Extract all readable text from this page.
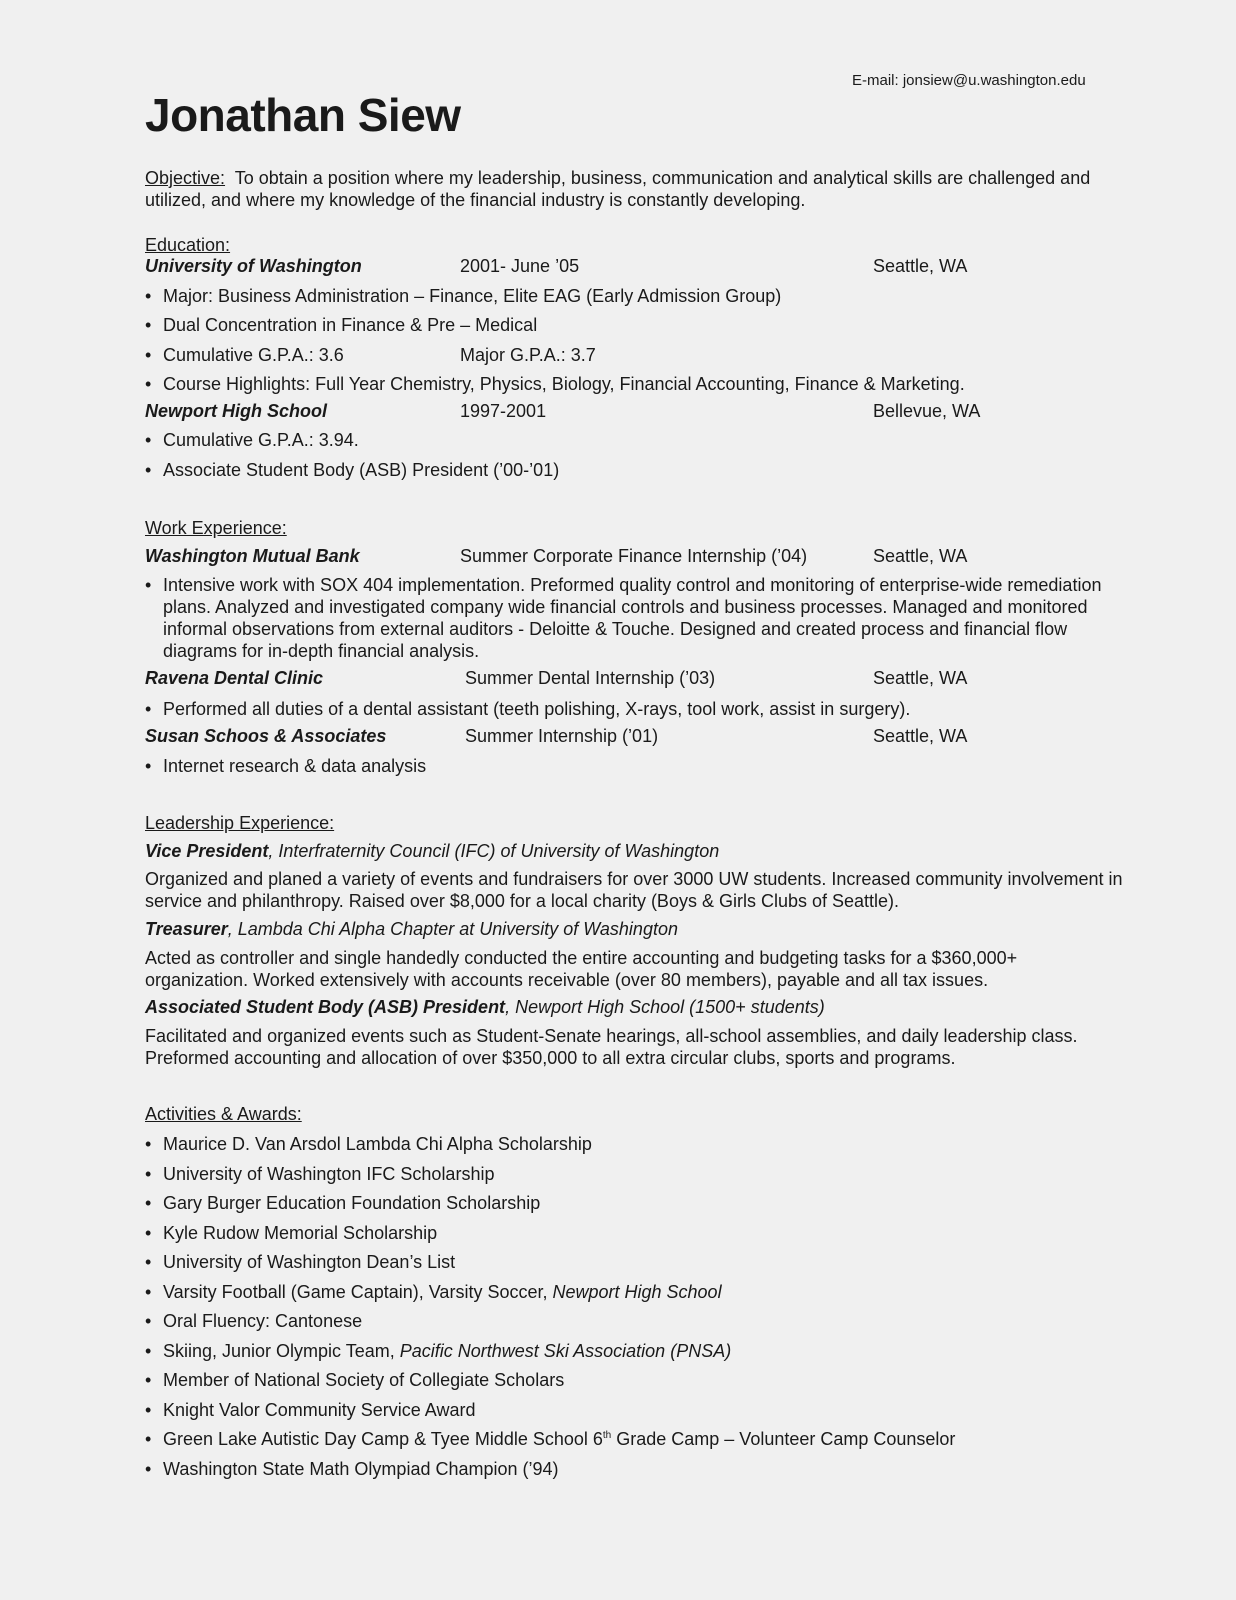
E-mail: jonsiew@u.washington.edu
Jonathan Siew
Objective: To obtain a position where my leadership, business, communication and analytical skills are challenged and utilized, and where my knowledge of the financial industry is constantly developing.
Education:
University of Washington	2001- June ’05	Seattle, WA
• Major: Business Administration – Finance, Elite EAG (Early Admission Group)
• Dual Concentration in Finance & Pre – Medical
• Cumulative G.P.A.: 3.6	Major G.P.A.: 3.7
• Course Highlights: Full Year Chemistry, Physics, Biology, Financial Accounting, Finance & Marketing.
Newport High School	1997-2001	Bellevue, WA
• Cumulative G.P.A.: 3.94.
• Associate Student Body (ASB) President (’00-’01)
Work Experience:
Washington Mutual Bank	Summer Corporate Finance Internship (’04)	Seattle, WA
• Intensive work with SOX 404 implementation. Preformed quality control and monitoring of enterprise-wide remediation plans. Analyzed and investigated company wide financial controls and business processes. Managed and monitored informal observations from external auditors - Deloitte & Touche. Designed and created process and financial flow diagrams for in-depth financial analysis.
Ravena Dental Clinic	Summer Dental Internship (’03)	Seattle, WA
• Performed all duties of a dental assistant (teeth polishing, X-rays, tool work, assist in surgery).
Susan Schoos & Associates	Summer Internship (’01)	Seattle, WA
• Internet research & data analysis
Leadership Experience:
Vice President, Interfraternity Council (IFC) of University of Washington
Organized and planed a variety of events and fundraisers for over 3000 UW students. Increased community involvement in service and philanthropy. Raised over $8,000 for a local charity (Boys & Girls Clubs of Seattle).
Treasurer, Lambda Chi Alpha Chapter at University of Washington
Acted as controller and single handedly conducted the entire accounting and budgeting tasks for a $360,000+ organization. Worked extensively with accounts receivable (over 80 members), payable and all tax issues.
Associated Student Body (ASB) President, Newport High School (1500+ students)
Facilitated and organized events such as Student-Senate hearings, all-school assemblies, and daily leadership class. Preformed accounting and allocation of over $350,000 to all extra circular clubs, sports and programs.
Activities & Awards:
• Maurice D. Van Arsdol Lambda Chi Alpha Scholarship
• University of Washington IFC Scholarship
• Gary Burger Education Foundation Scholarship
• Kyle Rudow Memorial Scholarship
• University of Washington Dean’s List
• Varsity Football (Game Captain), Varsity Soccer, Newport High School
• Oral Fluency: Cantonese
• Skiing, Junior Olympic Team, Pacific Northwest Ski Association (PNSA)
• Member of National Society of Collegiate Scholars
• Knight Valor Community Service Award
• Green Lake Autistic Day Camp & Tyee Middle School 6th Grade Camp – Volunteer Camp Counselor
• Washington State Math Olympiad Champion (’94)
